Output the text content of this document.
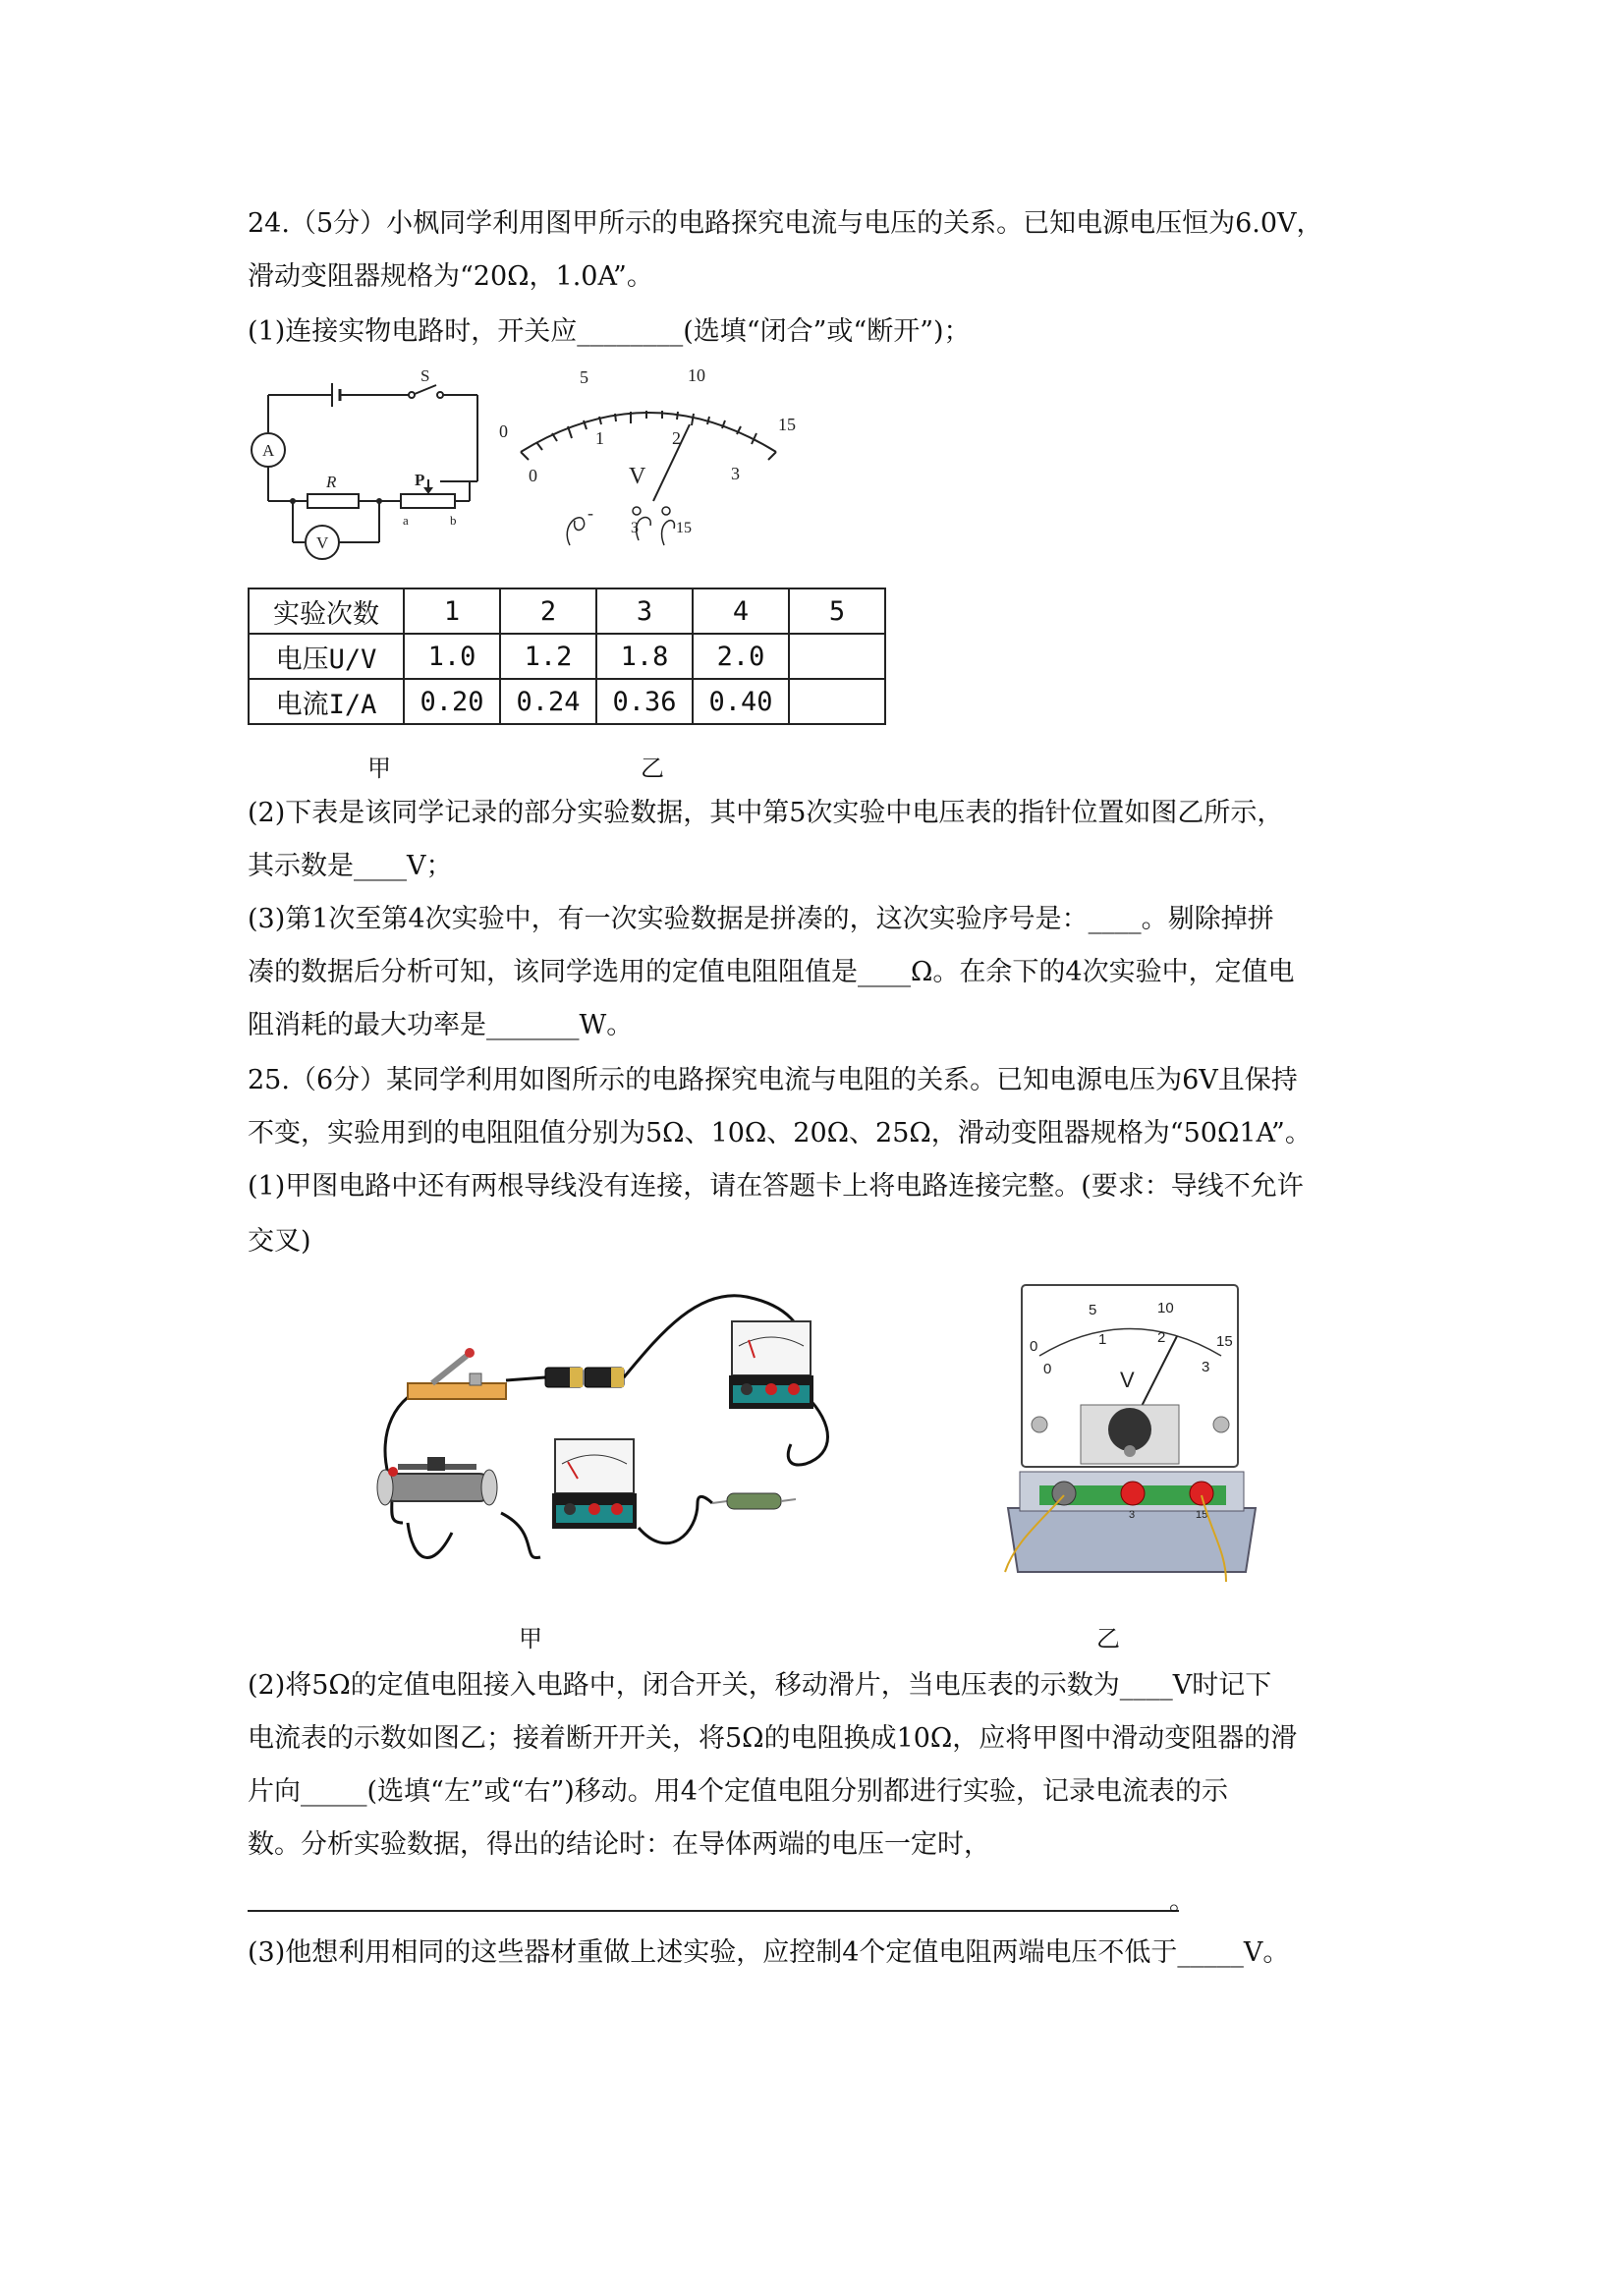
24.（5分）小枫同学利用图甲所示的电路探究电流与电压的关系。已知电源电压恒为6.0V，
滑动变阻器规格为“20Ω，1.0A”。
(1)连接实物电路时，开关应________(选填“闭合”或“断开”)；
S
A
R	P
V
a	b
0
5	10
15
0
1	2
3
V
-
3 15
实验次数	1	2	3	4	5
电压U/V	1.0	1.2	1.8	2.0	
电流I/A	0.20	0.24	0.36	0.40	
甲	乙
(2)下表是该同学记录的部分实验数据，其中第5次实验中电压表的指针位置如图乙所示，
其示数是____V；
(3)第1次至第4次实验中，有一次实验数据是拼凑的，这次实验序号是：____。剔除掉拼
凑的数据后分析可知，该同学选用的定值电阻阻值是____Ω。在余下的4次实验中，定值电
阻消耗的最大功率是_______W。
25.（6分）某同学利用如图所示的电路探究电流与电阻的关系。已知电源电压为6V且保持
不变，实验用到的电阻阻值分别为5Ω、10Ω、20Ω、25Ω，滑动变阻器规格为“50Ω1A”。
(1)甲图电路中还有两根导线没有连接，请在答题卡上将电路连接完整。(要求：导线不允许
交叉)
0
5	10
15
0
1	2
3
V
3	15
甲	乙
(2)将5Ω的定值电阻接入电路中，闭合开关，移动滑片，当电压表的示数为____V时记下
电流表的示数如图乙；接着断开开关，将5Ω的电阻换成10Ω，应将甲图中滑动变阻器的滑
片向_____(选填“左”或“右”)移动。用4个定值电阻分别都进行实验，记录电流表的示
数。分析实验数据，得出的结论时：在导体两端的电压一定时，
。
(3)他想利用相同的这些器材重做上述实验，应控制4个定值电阻两端电压不低于_____V。
